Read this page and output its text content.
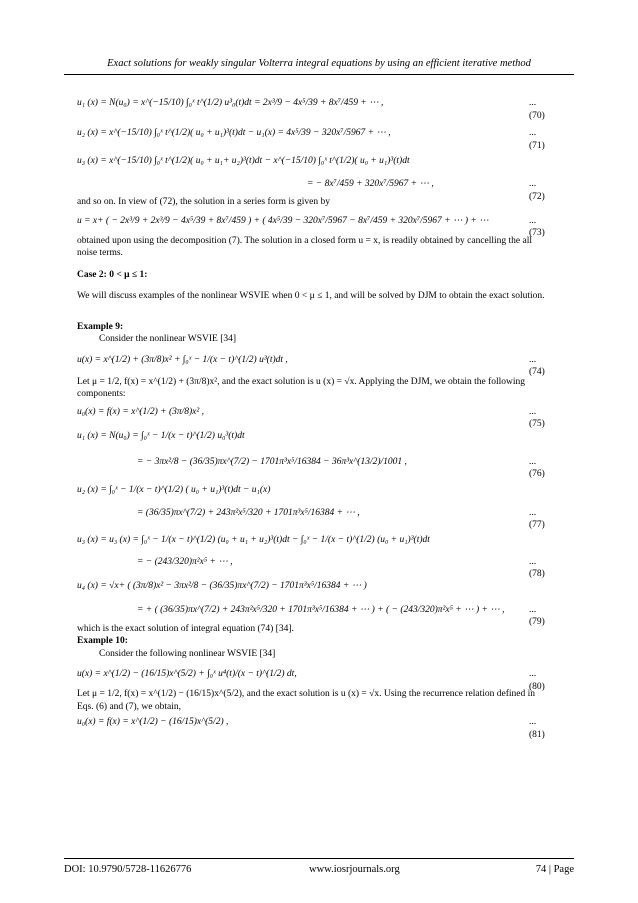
Exact solutions for weakly singular Volterra integral equations by using an efficient iterative method
u₁ (x) = N(u₀) = x^(−15/10) ∫₀ˣ t^(1/2) u³₀(t)dt = 2x³/9 − 4x⁵/39 + 8x⁷/459 + ⋯ ,	... (70)
u₂ (x) = x^(−15/10) ∫₀ˣ t^(1/2)( u₀ + u₁)³(t)dt − u₁(x) = 4x⁵/39 − 320x⁷/5967 + ⋯ ,	... (71)
u₃ (x) = x^(−15/10) ∫₀ˣ t^(1/2)( u₀ + u₁+ u₂)³(t)dt − x^(−15/10) ∫₀ˣ t^(1/2)( u₀ + u₁)³(t)dt
= − 8x⁷/459 + 320x⁷/5967 + ⋯ ,	... (72)
and so on. In view of (72), the solution in a series form is given by
u = x+ ( − 2x³/9 + 2x³/9 − 4x⁵/39 + 8x⁷/459 ) + ( 4x⁵/39 − 320x⁷/5967 − 8x⁷/459 + 320x⁷/5967 + ⋯ ) + ⋯	... (73)
obtained upon using the decomposition (7). The solution in a closed form u = x, is readily obtained by cancelling the all noise terms.
Case 2: 0 < μ ≤ 1:
We will discuss examples of the nonlinear WSVIE when 0 < μ ≤ 1, and will be solved by DJM to obtain the exact solution.
Example 9:
Consider the nonlinear WSVIE [34]
u(x) = x^(1/2) + (3π/8)x² + ∫₀ˣ − 1/(x − t)^(1/2) u³(t)dt ,	... (74)
Let μ = 1/2, f(x) = x^(1/2) + (3π/8)x², and the exact solution is u (x) = √x. Applying the DJM, we obtain the following components:
u₀(x) = f(x) = x^(1/2) + (3π/8)x² ,	... (75)
u₁ (x) = N(u₀) = ∫₀ˣ − 1/(x − t)^(1/2) u₀³(t)dt
= − 3πx²/8 − (36/35)πx^(7/2) − 1701π³x⁵/16384 − 36π³x^(13/2)/1001 ,	... (76)
u₂ (x) = ∫₀ˣ − 1/(x − t)^(1/2) ( u₀ + u₁)³(t)dt − u₁(x)
= (36/35)πx^(7/2) + 243π²x⁵/320 + 1701π³x⁵/16384 + ⋯ ,	... (77)
u₃ (x) = u₃ (x) = ∫₀ˣ − 1/(x − t)^(1/2) (u₀ + u₁ + u₂)³(t)dt − ∫₀ˣ − 1/(x − t)^(1/2) (u₀ + u₁)³(t)dt
= − (243/320)π²x⁵ + ⋯ ,	... (78)
u₄ (x) = √x+ ( (3π/8)x² − 3πx²/8 − (36/35)πx^(7/2) − 1701π³x⁵/16384 + ⋯ )
= + ( (36/35)πx^(7/2) + 243π²x⁵/320 + 1701π³x⁵/16384 + ⋯ ) + ( − (243/320)π²x⁵ + ⋯ ) + ⋯ ,	... (79)
which is the exact solution of integral equation (74) [34].
Example 10:
Consider the following nonlinear WSVIE [34]
u(x) = x^(1/2) − (16/15)x^(5/2) + ∫₀ˣ u⁴(t)/(x − t)^(1/2) dt,	... (80)
Let μ = 1/2, f(x) = x^(1/2) − (16/15)x^(5/2), and the exact solution is u (x) = √x. Using the recurrence relation defined in Eqs. (6) and (7), we obtain,
u₀(x) = f(x) = x^(1/2) − (16/15)x^(5/2) ,	... (81)
DOI: 10.9790/5728-11626776	www.iosrjournals.org	74 | Page
